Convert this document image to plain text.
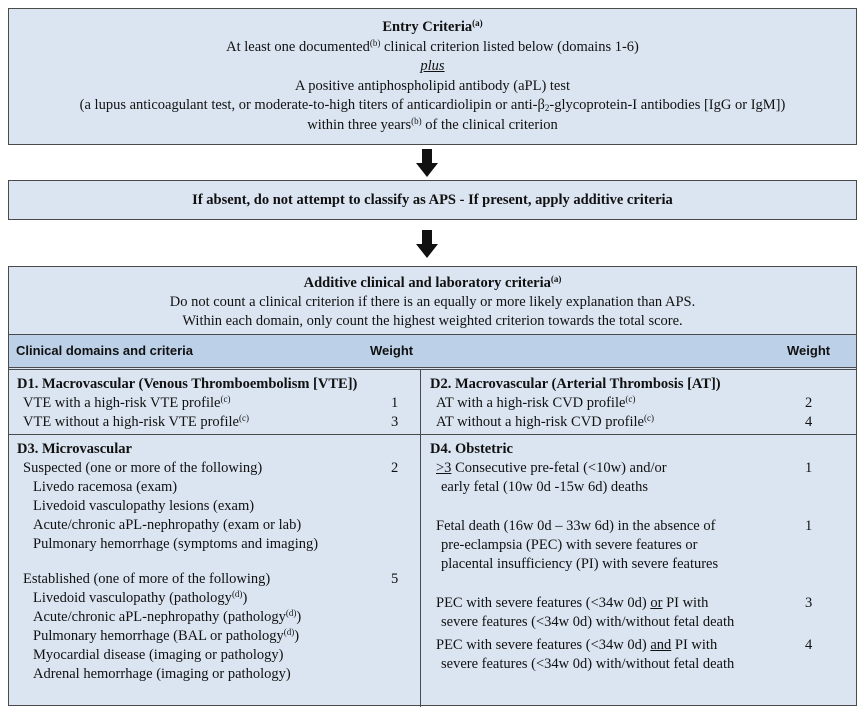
Entry Criteria$^{(a)}$
At least one documented$^{(b)}$ clinical criterion listed below (domains 1-6)
plus
A positive antiphospholipid antibody (aPL) test
(a lupus anticoagulant test, or moderate-to-high titers of anticardiolipin or anti-$\beta_2-glycoprotein-I$ antibodies [IgG or IgM])
within three years$^{(b)}$ of the clinical criterion
If absent, do not attempt to classify as APS - If present, apply additive criteria
Additive clinical and laboratory criteria$^{(a)}$
Do not count a clinical criterion if there is an equally or more likely explanation than APS.
Within each domain, only count the highest weighted criterion towards the total score.
Clinical domains and criteria	Weight	Weight
D1. Macrovascular (Venous Thromboembolism [VTE])
VTE with a high-risk VTE profile$^{(c)}$	1
VTE without a high-risk VTE profile$^{(c)}$	3
D2. Macrovascular (Arterial Thrombosis [AT])
AT with a high-risk CVD profile$^{(c)}$	2
AT without a high-risk CVD profile$^{(c)}$	4
D3. Microvascular
Suspected (one or more of the following)	2
Livedo racemosa (exam)
Livedoid vasculopathy lesions (exam)
Acute/chronic aPL-nephropathy (exam or lab)
Pulmonary hemorrhage (symptoms and imaging)
Established (one of more of the following)	5
Livedoid vasculopathy (pathology$^{(d)}$)
Acute/chronic aPL-nephropathy (pathology$^{(d)}$)
Pulmonary hemorrhage (BAL or pathology$^{(d)}$)
Myocardial disease (imaging or pathology)
Adrenal hemorrhage (imaging or pathology)
D4. Obstetric
>3 Consecutive pre-fetal (<10w) and/or	1
early fetal (10w 0d -15w 6d) deaths
Fetal death (16w 0d – 33w 6d) in the absence of	1
pre-eclampsia (PEC) with severe features or
placental insufficiency (PI) with severe features
PEC with severe features (<34w 0d) or PI with	3
severe features (<34w 0d) with/without fetal death
PEC with severe features (<34w 0d) and PI with	4
severe features (<34w 0d) with/without fetal death
